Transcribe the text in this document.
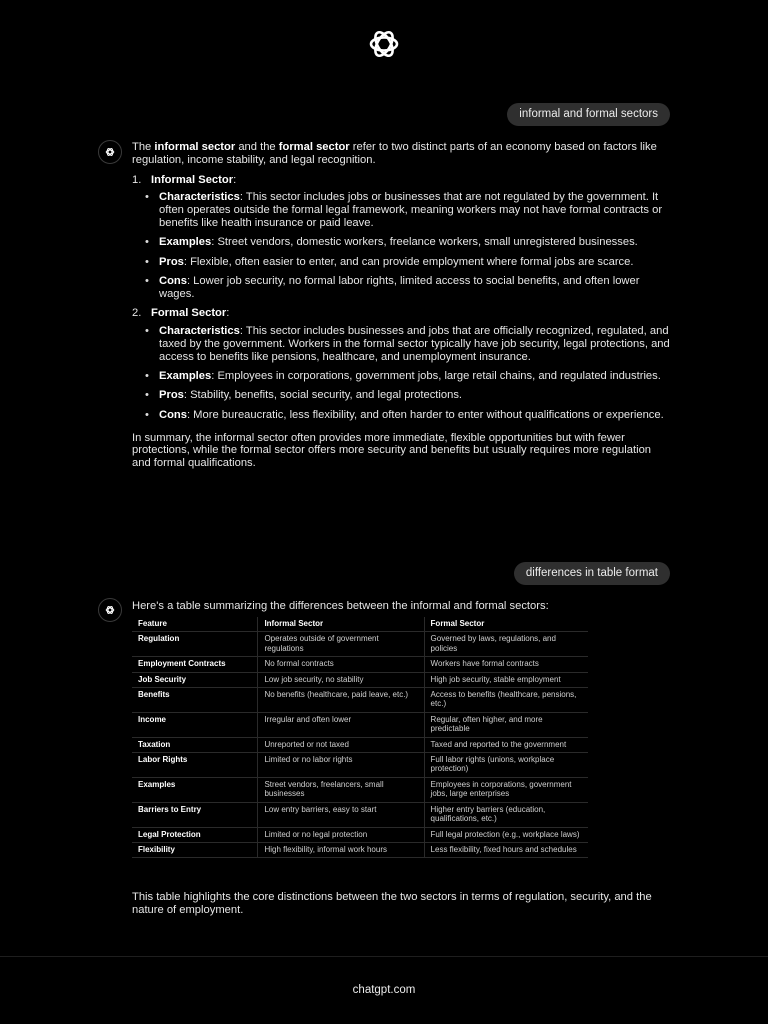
informal and formal sectors

The informal sector and the formal sector refer to two distinct parts of an economy based on factors like regulation, income stability, and legal recognition.

1. Informal Sector:
• Characteristics: This sector includes jobs or businesses that are not regulated by the government. It often operates outside the formal legal framework, meaning workers may not have formal contracts or benefits like health insurance or paid leave.
• Examples: Street vendors, domestic workers, freelance workers, small unregistered businesses.
• Pros: Flexible, often easier to enter, and can provide employment where formal jobs are scarce.
• Cons: Lower job security, no formal labor rights, limited access to social benefits, and often lower wages.
2. Formal Sector:
• Characteristics: This sector includes businesses and jobs that are officially recognized, regulated, and taxed by the government. Workers in the formal sector typically have job security, legal protections, and access to benefits like pensions, healthcare, and unemployment insurance.
• Examples: Employees in corporations, government jobs, large retail chains, and regulated industries.
• Pros: Stability, benefits, social security, and legal protections.
• Cons: More bureaucratic, less flexibility, and often harder to enter without qualifications or experience.

In summary, the informal sector often provides more immediate, flexible opportunities but with fewer protections, while the formal sector offers more security and benefits but usually requires more regulation and formal qualifications.

differences in table format

Here's a table summarizing the differences between the informal and formal sectors:

Feature	Informal Sector	Formal Sector
Regulation	Operates outside of government regulations	Governed by laws, regulations, and policies
Employment Contracts	No formal contracts	Workers have formal contracts
Job Security	Low job security, no stability	High job security, stable employment
Benefits	No benefits (healthcare, paid leave, etc.)	Access to benefits (healthcare, pensions, etc.)
Income	Irregular and often lower	Regular, often higher, and more predictable
Taxation	Unreported or not taxed	Taxed and reported to the government
Labor Rights	Limited or no labor rights	Full labor rights (unions, workplace protection)
Examples	Street vendors, freelancers, small businesses	Employees in corporations, government jobs, large enterprises
Barriers to Entry	Low entry barriers, easy to start	Higher entry barriers (education, qualifications, etc.)
Legal Protection	Limited or no legal protection	Full legal protection (e.g., workplace laws)
Flexibility	High flexibility, informal work hours	Less flexibility, fixed hours and schedules

This table highlights the core distinctions between the two sectors in terms of regulation, security, and the nature of employment.

chatgpt.com
